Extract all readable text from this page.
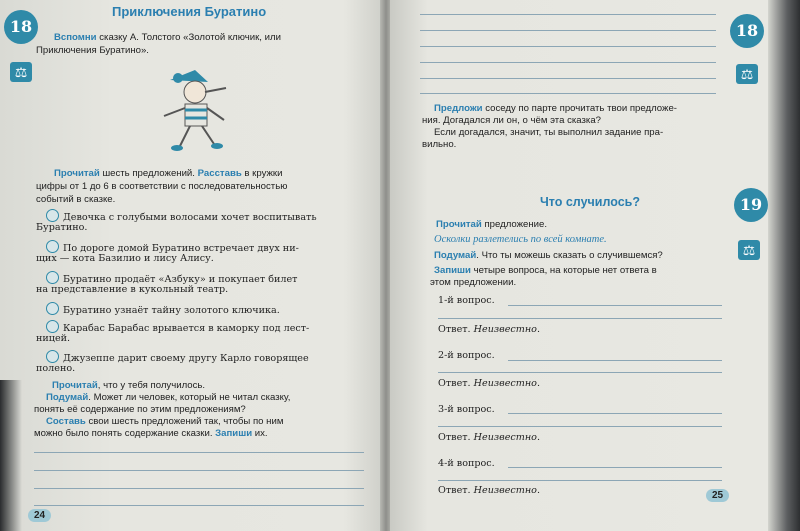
18
⚖
Приключения Буратино
Вспомни сказку А. Толстого «Золотой ключик, или
Приключения Буратино».
Прочитай шесть предложений. Расставь в кружки
цифры от 1 до 6 в соответствии с последовательностью
событий в сказке.
Девочка с голубыми волосами хочет воспитывать
Буратино.
По дороге домой Буратино встречает двух ни-
щих — кота Базилио и лису Алису.
Буратино продаёт «Азбуку» и покупает билет
на представление в кукольный театр.
Буратино узнаёт тайну золотого ключика.
Карабас Барабас врывается в каморку под лест-
ницей.
Джузеппе дарит своему другу Карло говорящее
полено.
Прочитай, что у тебя получилось.
Подумай. Может ли человек, который не читал сказку,
понять её содержание по этим предложениям?
Составь свои шесть предложений так, чтобы по ним
можно было понять содержание сказки. Запиши их.
24
18
⚖
Предложи соседу по парте прочитать твои предложе-
ния. Догадался ли он, о чём эта сказка?
Если догадался, значит, ты выполнил задание пра-
вильно.
Что случилось?	19
⚖
Прочитай предложение.
Осколки разлетелись по всей комнате.
Подумай. Что ты можешь сказать о случившемся?
Запиши четыре вопроса, на которые нет ответа в
этом предложении.
1-й вопрос.
Ответ. Неизвестно.
2-й вопрос.
Ответ. Неизвестно.
3-й вопрос.
Ответ. Неизвестно.
4-й вопрос.
Ответ. Неизвестно.	25
